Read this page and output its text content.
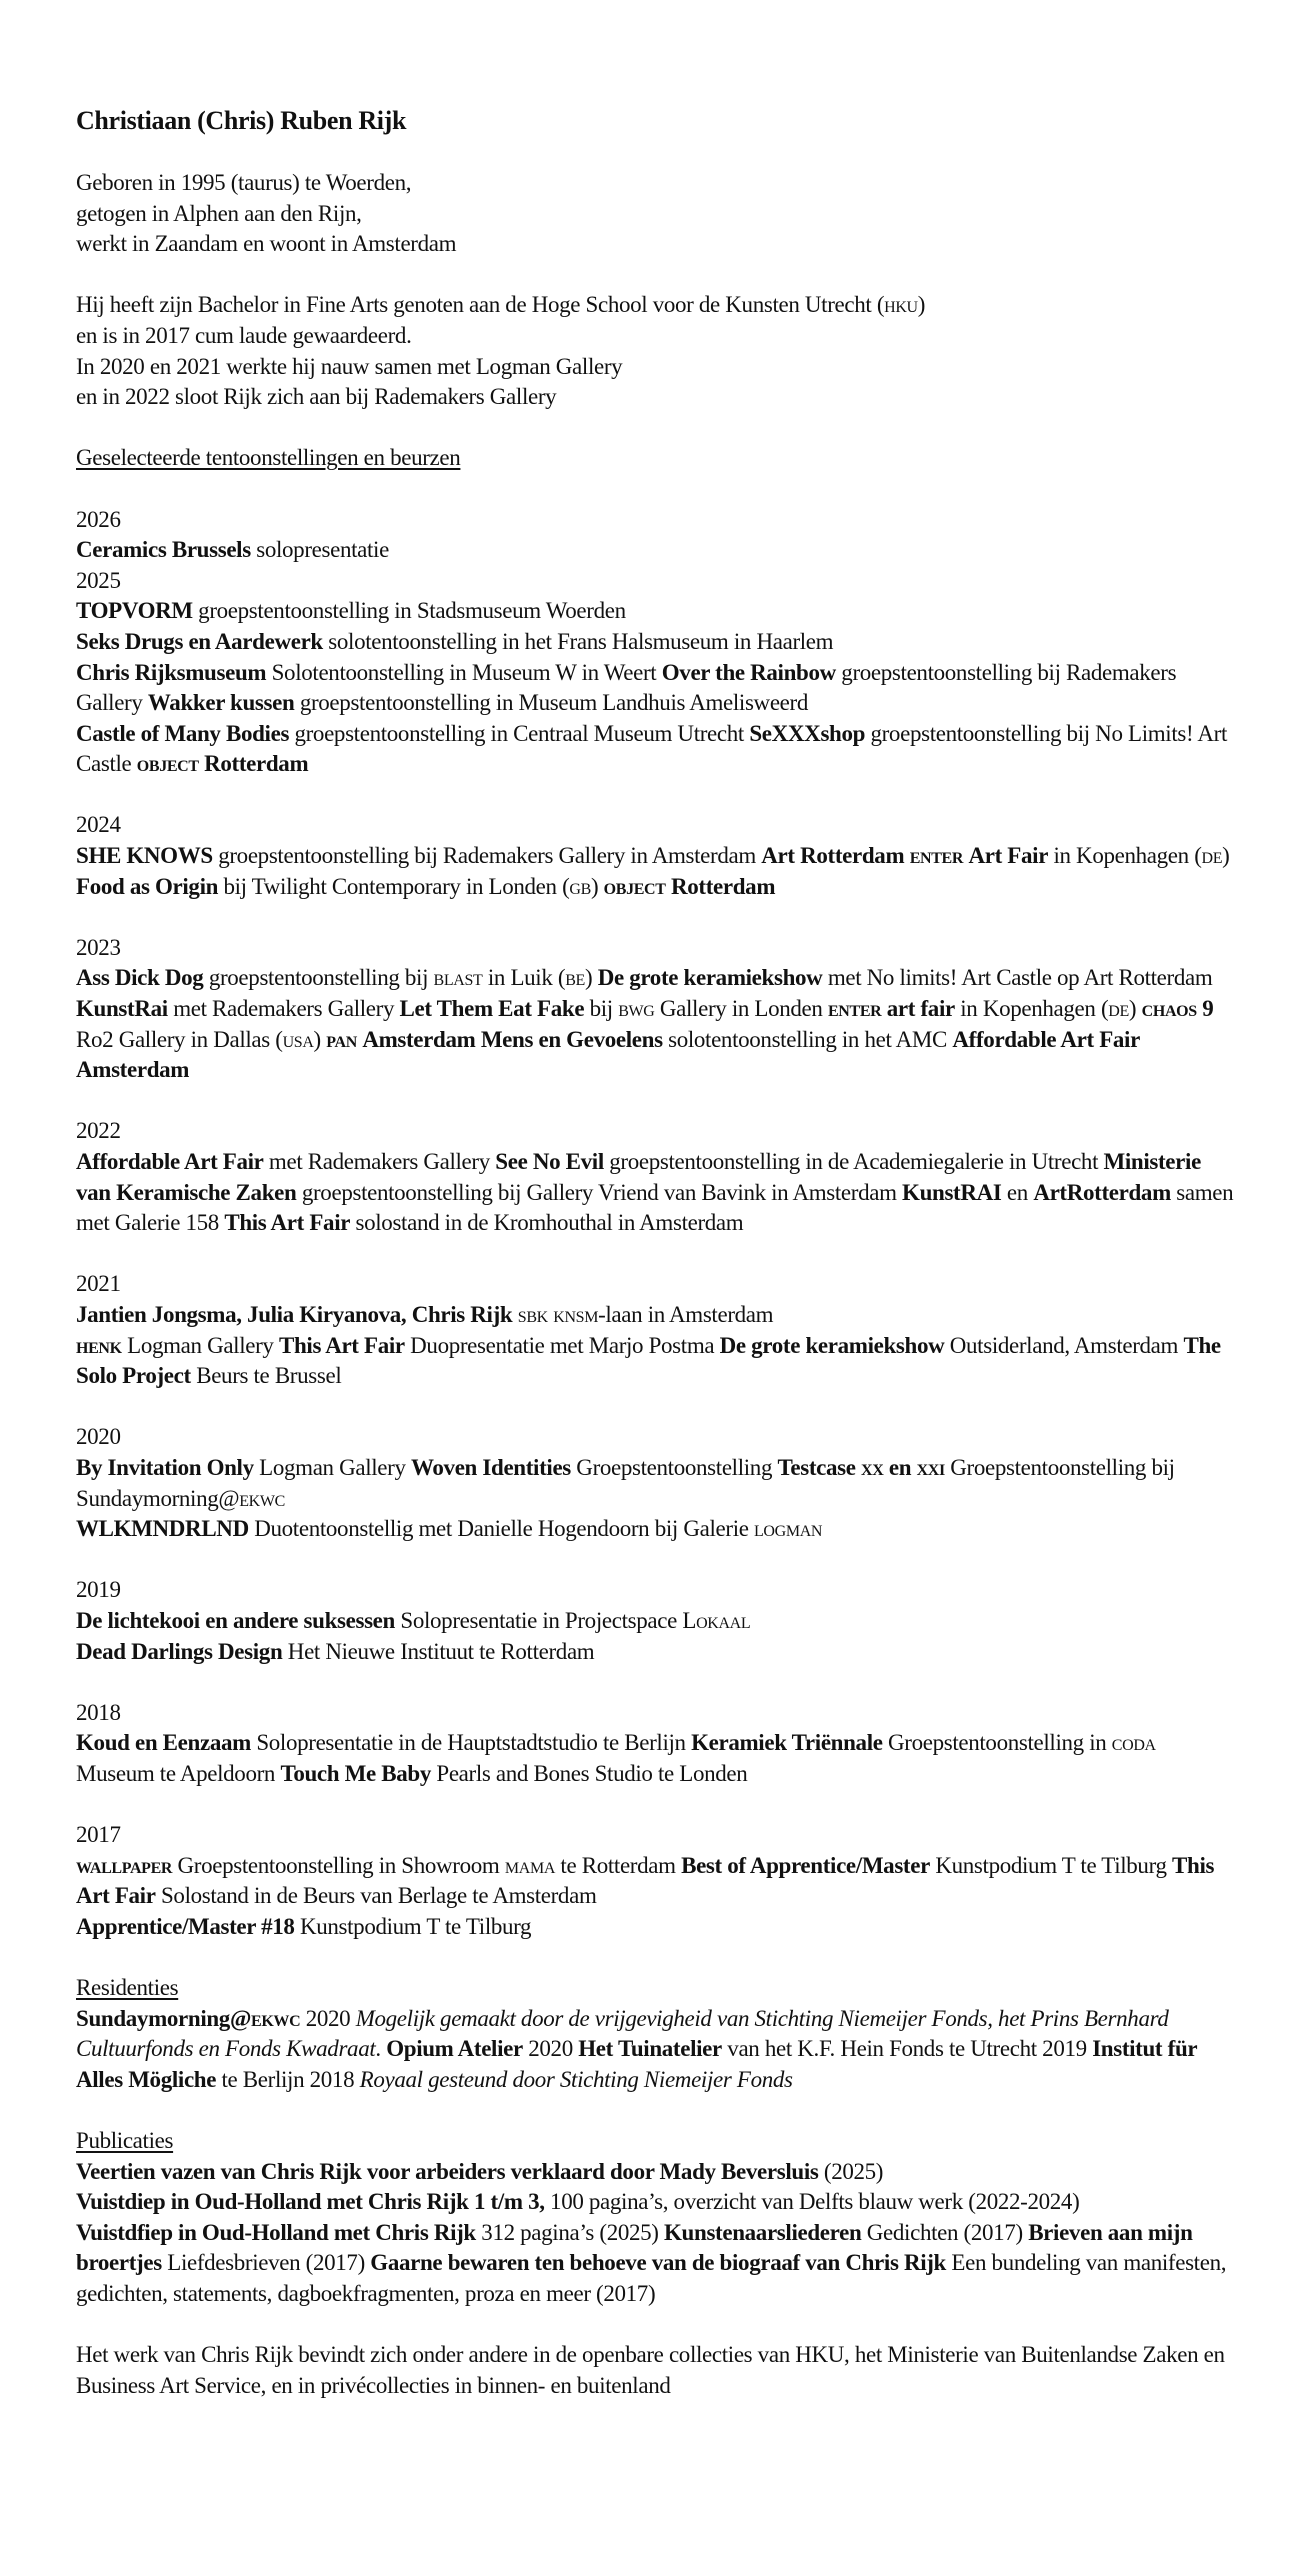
Christiaan (Chris) Ruben Rijk
Geboren in 1995 (taurus) te Woerden,
getogen in Alphen aan den Rijn,
werkt in Zaandam en woont in Amsterdam
Hij heeft zijn Bachelor in Fine Arts genoten aan de Hoge School voor de Kunsten Utrecht (hku)
en is in 2017 cum laude gewaardeerd.
In 2020 en 2021 werkte hij nauw samen met Logman Gallery
en in 2022 sloot Rijk zich aan bij Rademakers Gallery
Geselecteerde tentoonstellingen en beurzen
2026
Ceramics Brussels solopresentatie
2025
TOPVORM groepstentoonstelling in Stadsmuseum Woerden
Seks Drugs en Aardewerk solotentoonstelling in het Frans Halsmuseum in Haarlem
Chris Rijksmuseum Solotentoonstelling in Museum W in Weert Over the Rainbow groepstentoonstelling bij Rademakers Gallery Wakker kussen groepstentoonstelling in Museum Landhuis Amelisweerd
Castle of Many Bodies groepstentoonstelling in Centraal Museum Utrecht SeXXXshop groepstentoonstelling bij No Limits! Art Castle object Rotterdam
2024
SHE KNOWS groepstentoonstelling bij Rademakers Gallery in Amsterdam Art Rotterdam enter Art Fair in Kopenhagen (de) Food as Origin bij Twilight Contemporary in Londen (gb) object Rotterdam
2023
Ass Dick Dog groepstentoonstelling bij blast in Luik (be) De grote keramiekshow met No limits! Art Castle op Art Rotterdam KunstRai met Rademakers Gallery Let Them Eat Fake bij bwg Gallery in Londen enter art fair in Kopenhagen (de) chaos 9 Ro2 Gallery in Dallas (usa) pan Amsterdam Mens en Gevoelens solotentoonstelling in het AMC Affordable Art Fair Amsterdam
2022
Affordable Art Fair met Rademakers Gallery See No Evil groepstentoonstelling in de Academiegalerie in Utrecht Ministerie van Keramische Zaken groepstentoonstelling bij Gallery Vriend van Bavink in Amsterdam KunstRAI en ArtRotterdam samen met Galerie 158 This Art Fair solostand in de Kromhouthal in Amsterdam
2021
Jantien Jongsma, Julia Kiryanova, Chris Rijk sbk knsm-laan in Amsterdam
henk Logman Gallery This Art Fair Duopresentatie met Marjo Postma De grote keramiekshow Outsiderland, Amsterdam The Solo Project Beurs te Brussel
2020
By Invitation Only Logman Gallery Woven Identities Groepstentoonstelling Testcase xx en xxi Groepstentoonstelling bij Sundaymorning@ekwc
WLKMNDRLND Duotentoonstellig met Danielle Hogendoorn bij Galerie logman
2019
De lichtekooi en andere suksessen Solopresentatie in Projectspace Lokaal
Dead Darlings Design Het Nieuwe Instituut te Rotterdam
2018
Koud en Eenzaam Solopresentatie in de Hauptstadtstudio te Berlijn Keramiek Triënnale Groepstentoonstelling in coda Museum te Apeldoorn Touch Me Baby Pearls and Bones Studio te Londen
2017
wallpaper Groepstentoonstelling in Showroom mama te Rotterdam Best of Apprentice/Master Kunstpodium T te Tilburg This Art Fair Solostand in de Beurs van Berlage te Amsterdam
Apprentice/Master #18 Kunstpodium T te Tilburg
Residenties
Sundaymorning@ekwc 2020 Mogelijk gemaakt door de vrijgevigheid van Stichting Niemeijer Fonds, het Prins Bernhard Cultuurfonds en Fonds Kwadraat. Opium Atelier 2020 Het Tuinatelier van het K.F. Hein Fonds te Utrecht 2019 Institut für Alles Mögliche te Berlijn 2018 Royaal gesteund door Stichting Niemeijer Fonds
Publicaties
Veertien vazen van Chris Rijk voor arbeiders verklaard door Mady Beversluis (2025)
Vuistdiep in Oud-Holland met Chris Rijk 1 t/m 3, 100 pagina’s, overzicht van Delfts blauw werk (2022-2024)
Vuistdfiep in Oud-Holland met Chris Rijk 312 pagina’s (2025) Kunstenaarsliederen Gedichten (2017) Brieven aan mijn broertjes Liefdesbrieven (2017) Gaarne bewaren ten behoeve van de biograaf van Chris Rijk Een bundeling van manifesten, gedichten, statements, dagboekfragmenten, proza en meer (2017)

Het werk van Chris Rijk bevindt zich onder andere in de openbare collecties van HKU, het Ministerie van Buitenlandse Zaken en Business Art Service, en in privécollecties in binnen- en buitenland
